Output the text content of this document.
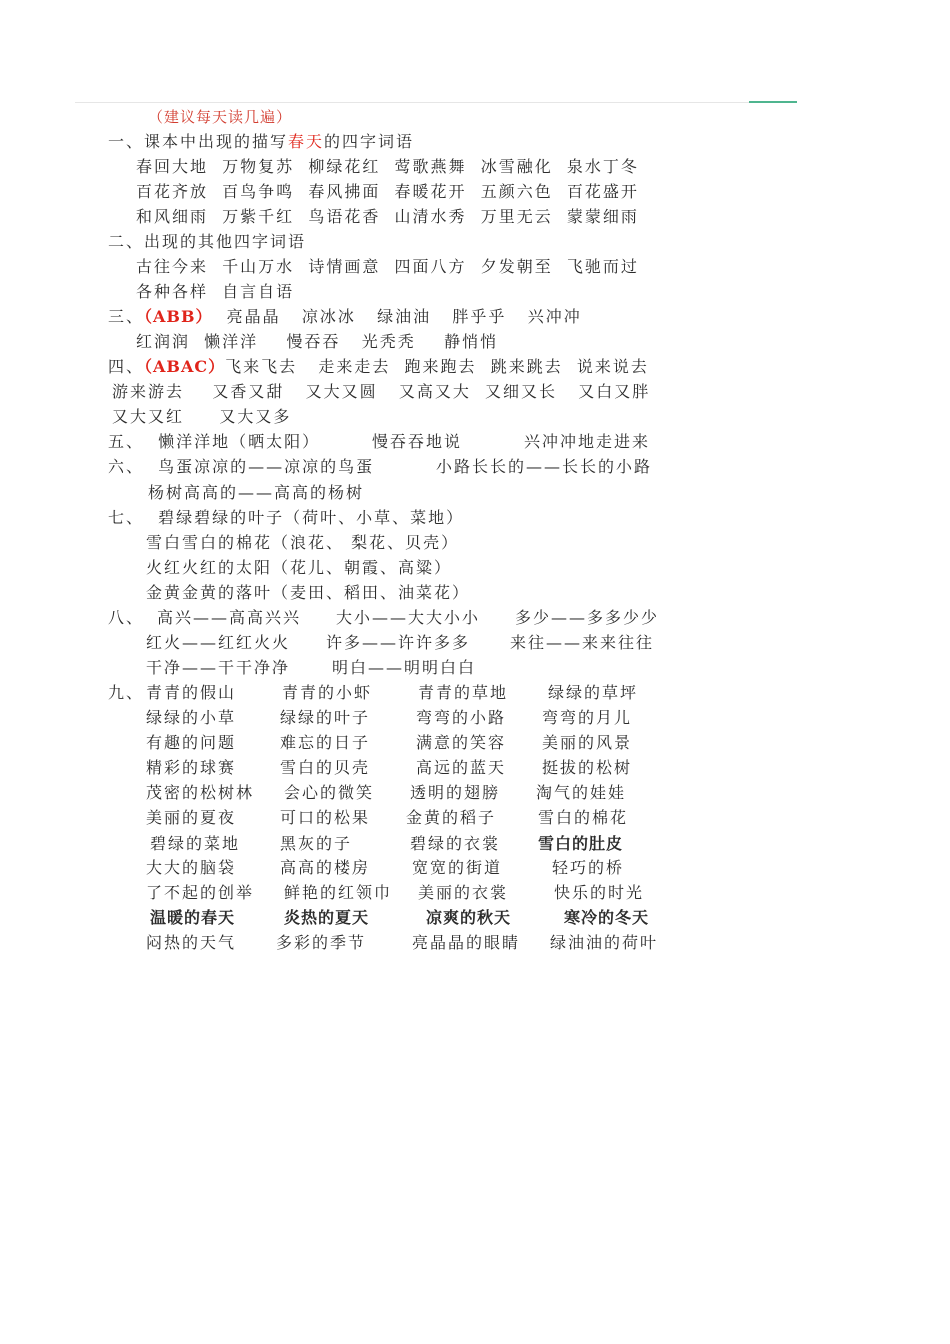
（建议每天读几遍）
一、课本中出现的描写春天的四字词语
春回大地  万物复苏  柳绿花红  莺歌燕舞  冰雪融化  泉水丁冬
百花齐放  百鸟争鸣  春风拂面  春暖花开  五颜六色  百花盛开
和风细雨  万紫千红  鸟语花香  山清水秀  万里无云  蒙蒙细雨
二、出现的其他四字词语
古往今来  千山万水  诗情画意  四面八方  夕发朝至  飞驰而过
各种各样  自言自语
三、（ABB） 亮晶晶   凉冰冰   绿油油   胖乎乎   兴冲冲
红润润  懒洋洋    慢吞吞   光秃秃    静悄悄
四、（ABAC）飞来飞去   走来走去  跑来跑去  跳来跳去  说来说去
游来游去    又香又甜   又大又圆   又高又大  又细又长   又白又胖
又大又红     又大又多
五、  懒洋洋地（晒太阳）	慢吞吞地说	兴冲冲地走进来
六、  鸟蛋凉凉的——凉凉的鸟蛋	小路长长的——长长的小路
杨树高高的——高高的杨树
七、  碧绿碧绿的叶子（荷叶、小草、菜地）
雪白雪白的棉花（浪花、 梨花、贝壳）
火红火红的太阳（花儿、朝霞、高粱）
金黄金黄的落叶（麦田、稻田、油菜花）
八、 高兴——高高兴兴 大小——大大小小 多少——多多少少
红火——红红火火 许多——许许多多 来往——来来往往
干净——干干净净	明白——明明白白
九、 青青的假山	青青的小虾	青青的草地 绿绿的草坪
绿绿的小草	绿绿的叶子	弯弯的小路 弯弯的月儿
有趣的问题	难忘的日子	满意的笑容 美丽的风景
精彩的球赛	雪白的贝壳	高远的蓝天 挺拔的松树
茂密的松树林 会心的微笑 透明的翅膀 淘气的娃娃
美丽的夏夜	可口的松果 金黄的稻子	雪白的棉花
碧绿的菜地 黑灰的子	碧绿的衣裳 雪白的肚皮
大大的脑袋	高高的楼房	宽宽的街道	轻巧的桥
了不起的创举 鲜艳的红领巾 美丽的衣裳	快乐的时光
温暖的春天	炎热的夏天	凉爽的秋天	寒冷的冬天
闷热的天气 多彩的季节	亮晶晶的眼睛 绿油油的荷叶
